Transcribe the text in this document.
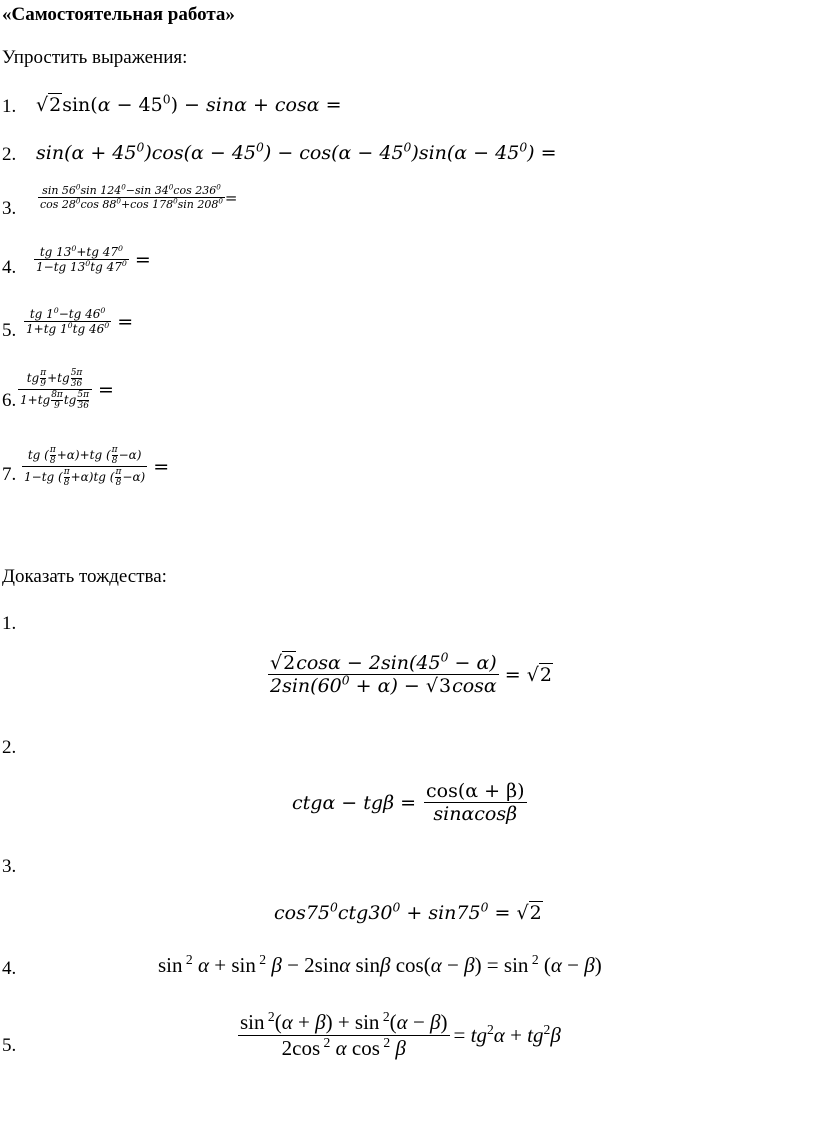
«Самостоятельная работа»
Упростить выражения:
1. $√2\sin(\alpha - 45^0) - \sin\alpha + \cos\alpha$ =
2. $\sin(\alpha + 45^0)\cos(\alpha - 45^0) - \cos(\alpha - 45^0)\sin(\alpha - 45^0)$ =
3.
$\sin 56^0\sin$ $124^0-\sin$ $34^0\cos$ $236^0$
$\cos 28^0\cos$ $88^0+\cos$ $178^0\sin$ $208^0$ =
4.
tg $13^0+tg$ $47^0$
1−tg $13^0tg$ $47^0$ =
5.
tg $1^0-tg$ $46^0$
1+tg $1^0tg$ $46^0$ =
6.
tg $\frac{\pi}{9} +tg \frac{5\pi}{36}$
$1+tg \frac{8\pi}{9}$ tg $\frac{5\pi}{36}$ =
7.
tg ( $\frac{\pi}{8} +\alpha)+tg$ ( $\frac{\pi}{8} -\alpha$)
1−tg ( $\frac{\pi}{8} +\alpha)tg$ ( $\frac{\pi}{8} -\alpha$) =
Доказать тождества:
1.
$√2\cos\alpha - 2\sin(45^0 - \alpha)$
$2\sin(60^0 + \alpha) - √3\cos\alpha$
= √2
2.
ctgα − tgβ =
cos(α + β)
sinαcosβ
3.
$\cos 75^0ctg30^0 + \sin 75^0 = √2$
4.	sin $^2$ α + sin $^2$ β − 2sinα sinβ cos(α − β) = sin $^2$ (α − β)
5.
sin $^2$(α + β) + sin $^2$(α − β)
2cos $^2$ α cos $^2$ β
= $tg^2\alpha + tg^2\beta$
